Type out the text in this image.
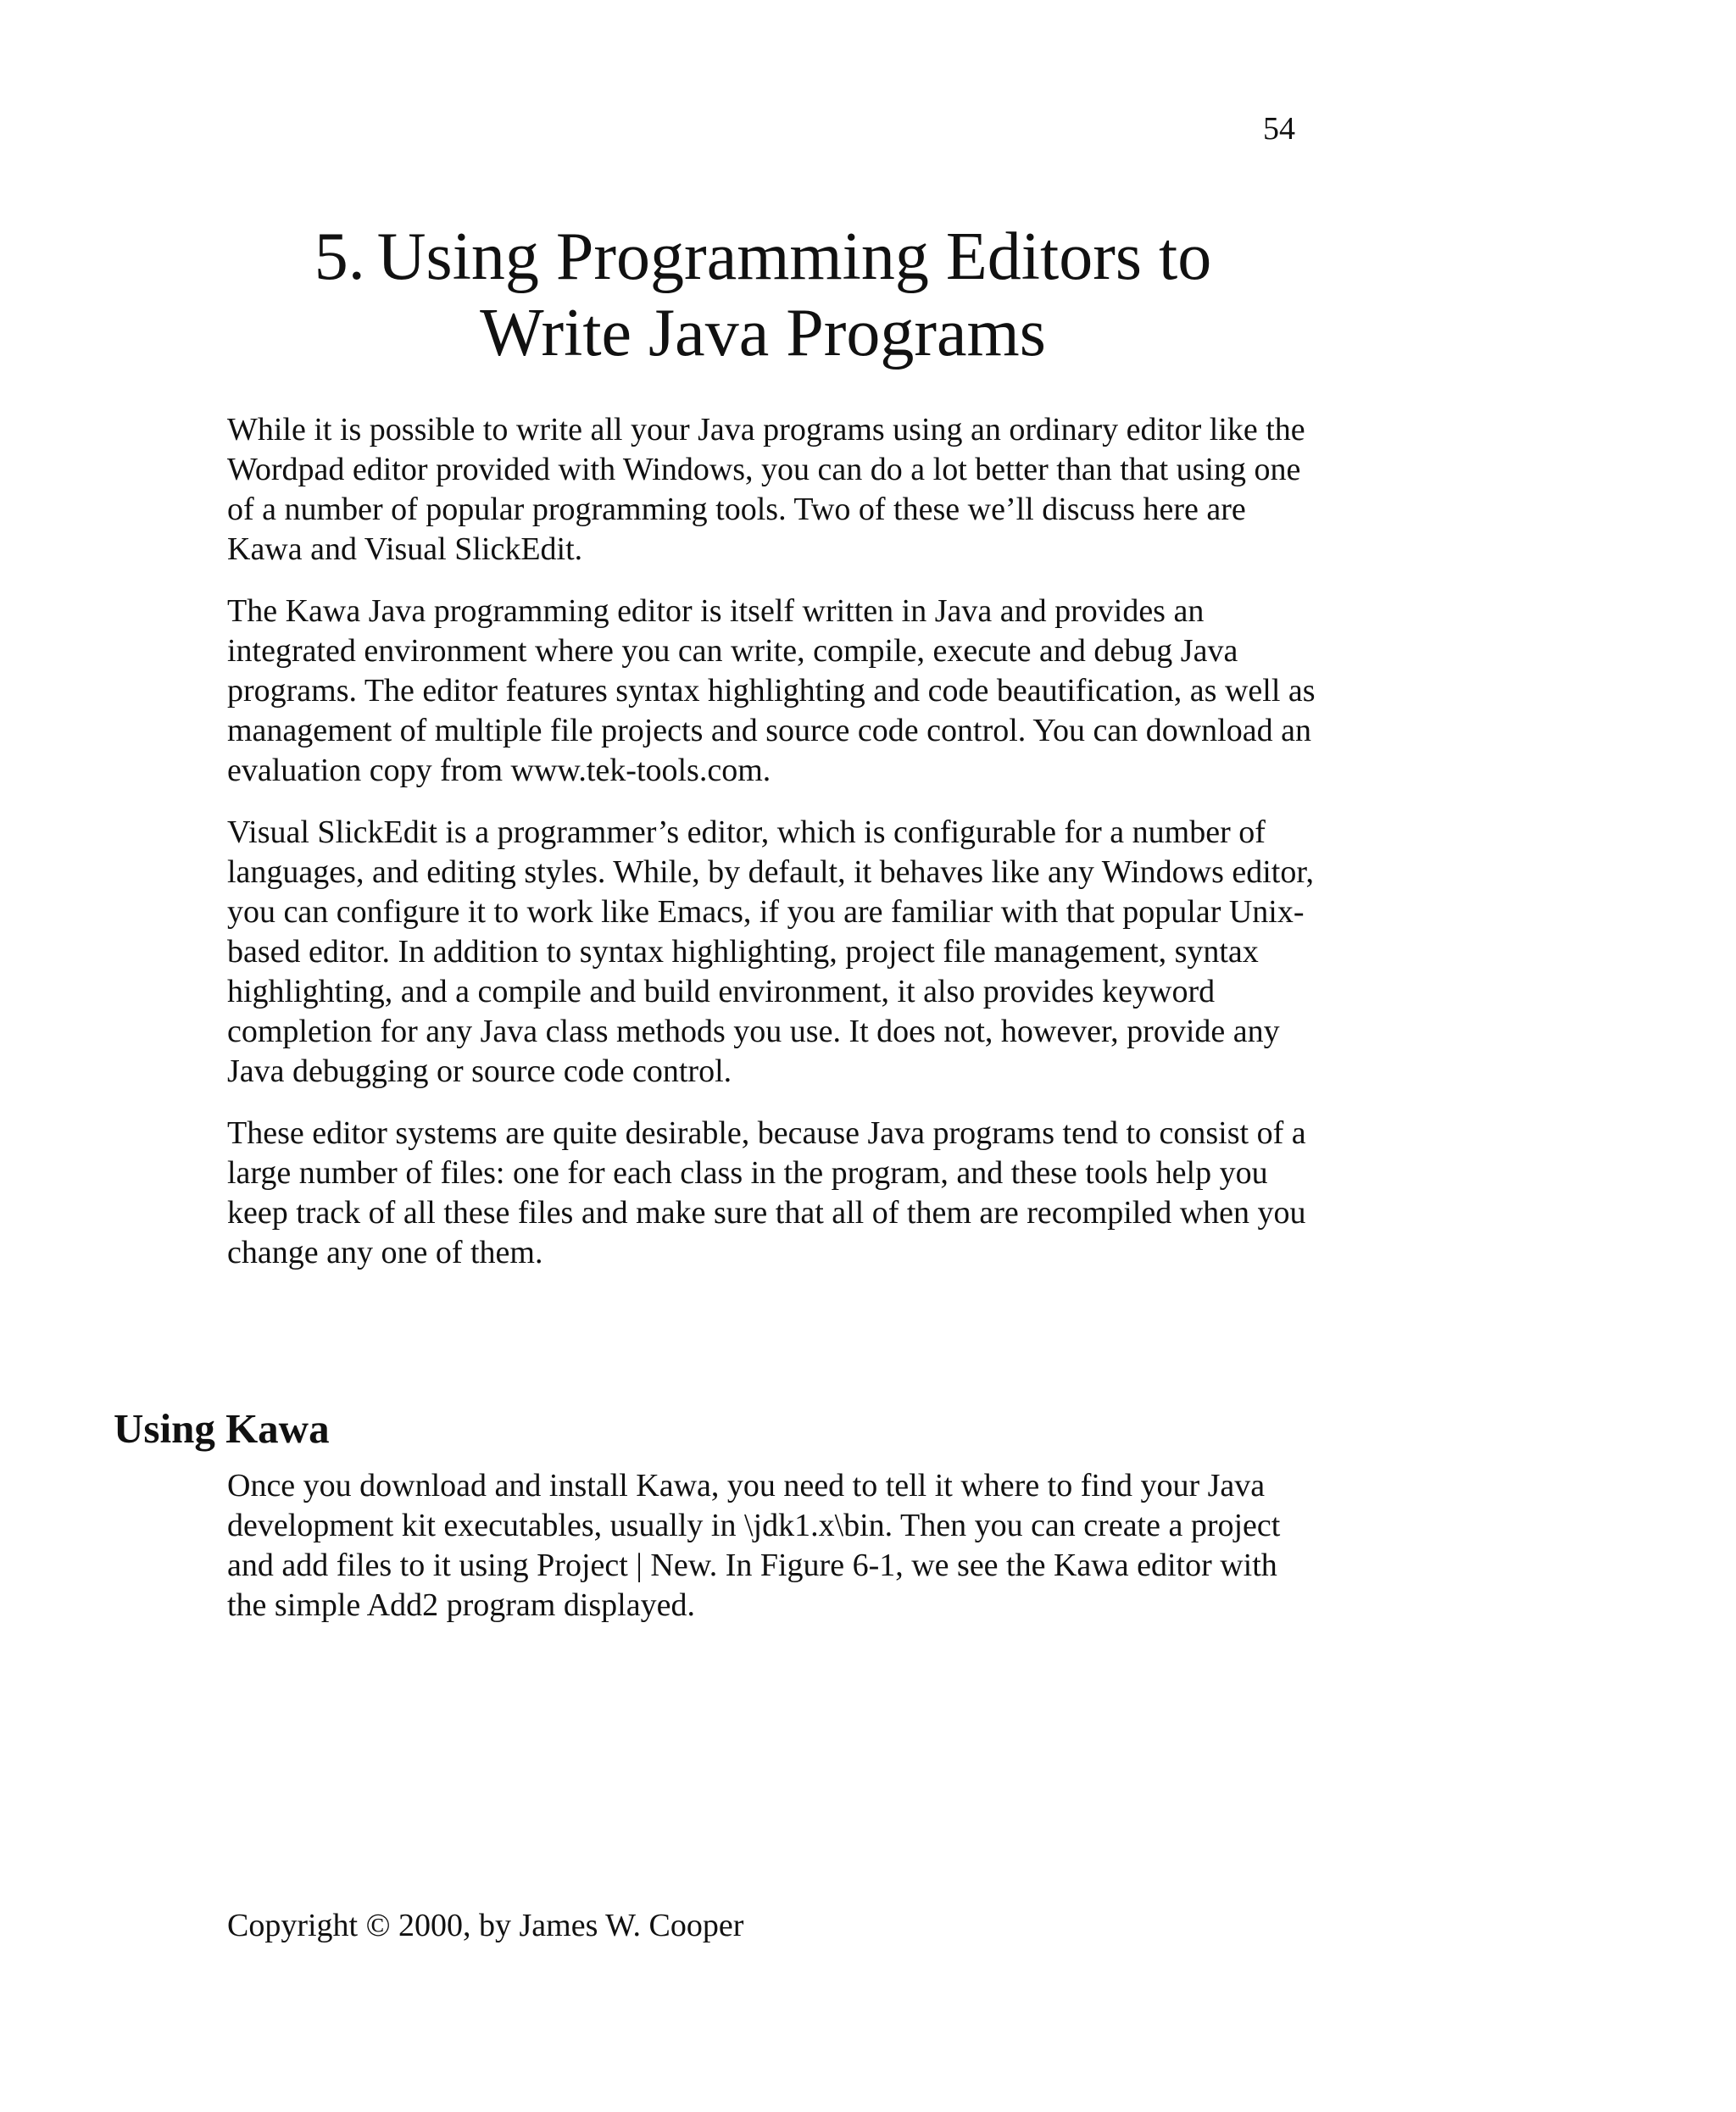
54
5. Using Programming Editors to Write Java Programs

While it is possible to write all your Java programs using an ordinary editor like the Wordpad editor provided with Windows, you can do a lot better than that using one of a number of popular programming tools. Two of these we’ll discuss here are Kawa and Visual SlickEdit.

The Kawa Java programming editor is itself written in Java and provides an integrated environment where you can write, compile, execute and debug Java programs. The editor features syntax highlighting and code beautification, as well as management of multiple file projects and source code control. You can download an evaluation copy from www.tek-tools.com.

Visual SlickEdit is a programmer’s editor, which is configurable for a number of languages, and editing styles. While, by default, it behaves like any Windows editor, you can configure it to work like Emacs, if you are familiar with that popular Unix-based editor. In addition to syntax highlighting, project file management, syntax highlighting, and a compile and build environment, it also provides keyword completion for any Java class methods you use. It does not, however, provide any Java debugging or source code control.

These editor systems are quite desirable, because Java programs tend to consist of a large number of files: one for each class in the program, and these tools help you keep track of all these files and make sure that all of them are recompiled when you change any one of them.

Using Kawa

Once you download and install Kawa, you need to tell it where to find your Java development kit executables, usually in \jdk1.x\bin. Then you can create a project and add files to it using Project | New. In Figure 6-1, we see the Kawa editor with the simple Add2 program displayed.

Copyright © 2000, by James W. Cooper
